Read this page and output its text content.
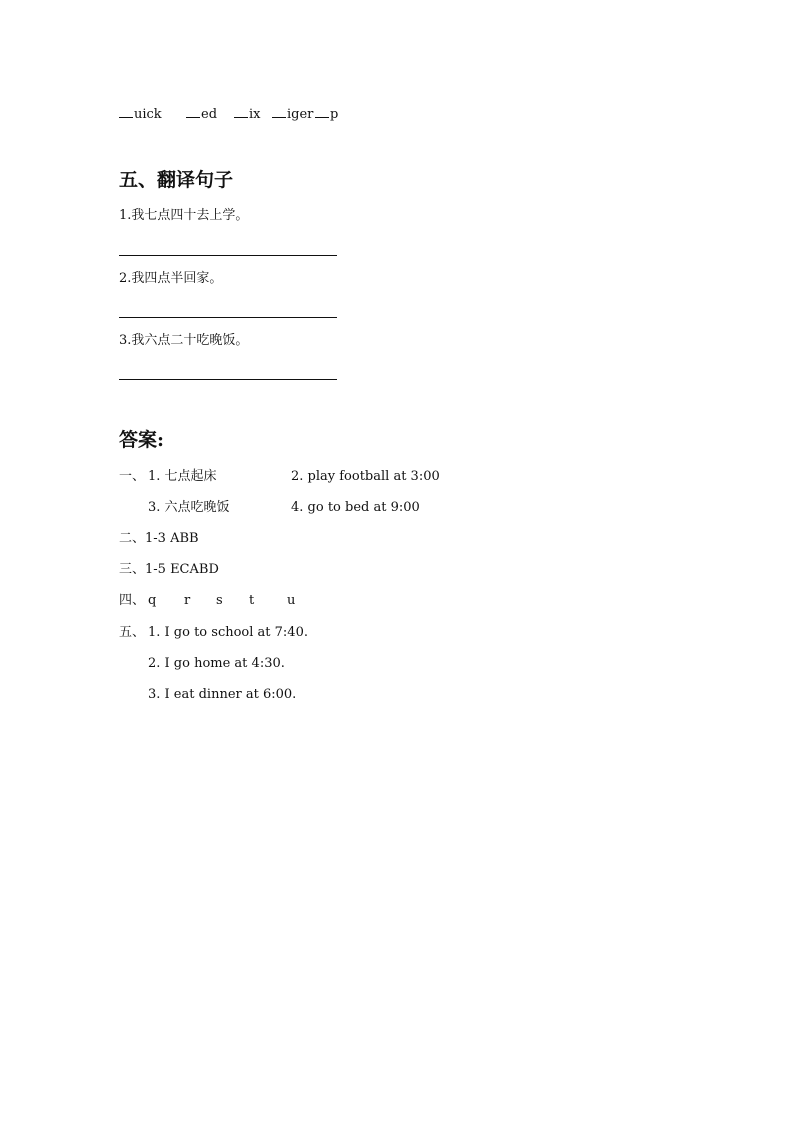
uick	ed	ix	iger	p
五、翻译句子
1.我七点四十去上学。
2.我四点半回家。
3.我六点二十吃晚饭。
答案:
一、 1. 七点起床	2. play football at 3:00
3. 六点吃晚饭	4. go to bed at 9:00
二、1-3 ABB
三、1-5 ECABD
四、 q r s t	u
五、 1. I go to school at 7:40.
2. I go home at 4:30.
3. I eat dinner at 6:00.
